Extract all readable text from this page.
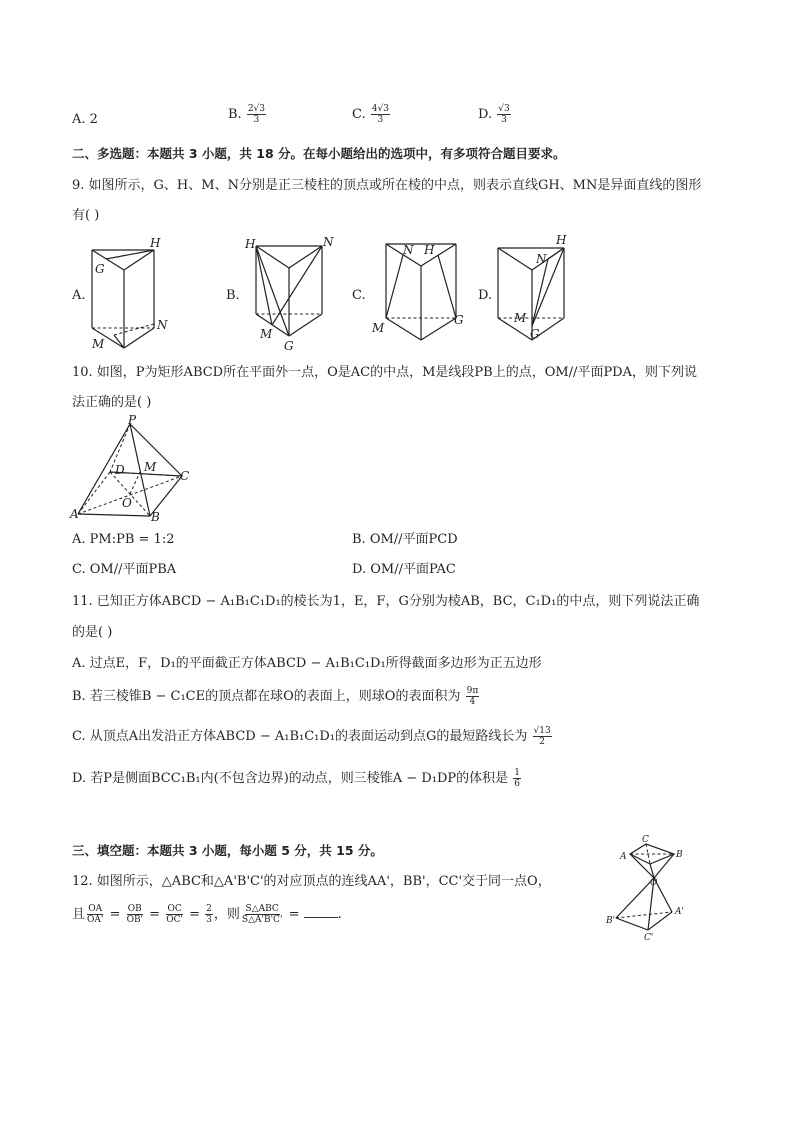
A. 2	B. $\frac{2√3}{3}$	C. $\frac{4√3}{3}$	D. $\frac{√3}{3}$
二、多选题：本题共 3 小题，共 18 分。在每小题给出的选项中，有多项符合题目要求。
9. 如图所示，G、H、M、N分别是正三棱柱的顶点或所在棱的中点，则表示直线GH、MN是异面直线的图形
有( )
A.	B.	C.	D.
H
G
N
M
H	N
M
G
N H
M
G
H
N
M
G
10. 如图，P为矩形ABCD所在平面外一点，O是AC的中点，M是线段PB上的点，OM//平面PDA，则下列说
法正确的是( )
P
D M
C
O
A	B
A. PM:PB = 1:2	B. OM//平面PCD
C. OM//平面PBA	D. OM//平面PAC
11. 已知正方体ABCD − A₁B₁C₁D₁的棱长为1，E，F，G分别为棱AB，BC，C₁D₁的中点，则下列说法正确
的是( )
A. 过点E，F，D₁的平面截正方体ABCD − A₁B₁C₁D₁所得截面多边形为正五边形
B. 若三棱锥B − C₁CE的顶点都在球O的表面上，则球O的表面积为 $\frac{9\pi}{4}$
C. 从顶点A出发沿正方体ABCD − A₁B₁C₁D₁的表面运动到点G的最短路线长为 $\frac{√13}{2}$
D. 若P是侧面BCC₁B₁内(不包含边界)的动点，则三棱锥A − D₁DP的体积是 $\frac{1}{6}$
三、填空题：本题共 3 小题，每小题 5 分，共 15 分。
12. 如图所示，△ABC和△A'B'C'的对应顶点的连线AA'，BB'，CC'交于同一点O，
且 $\frac{OA}{OA'} = \frac{OB}{OB'} = \frac{OC}{OC'} = \frac{2}{3}$ ，则 $\frac{\text{S△ABC}}{S\triangle A'B'C'}$ =	.
C
A	B
O
B'
A'
C'
